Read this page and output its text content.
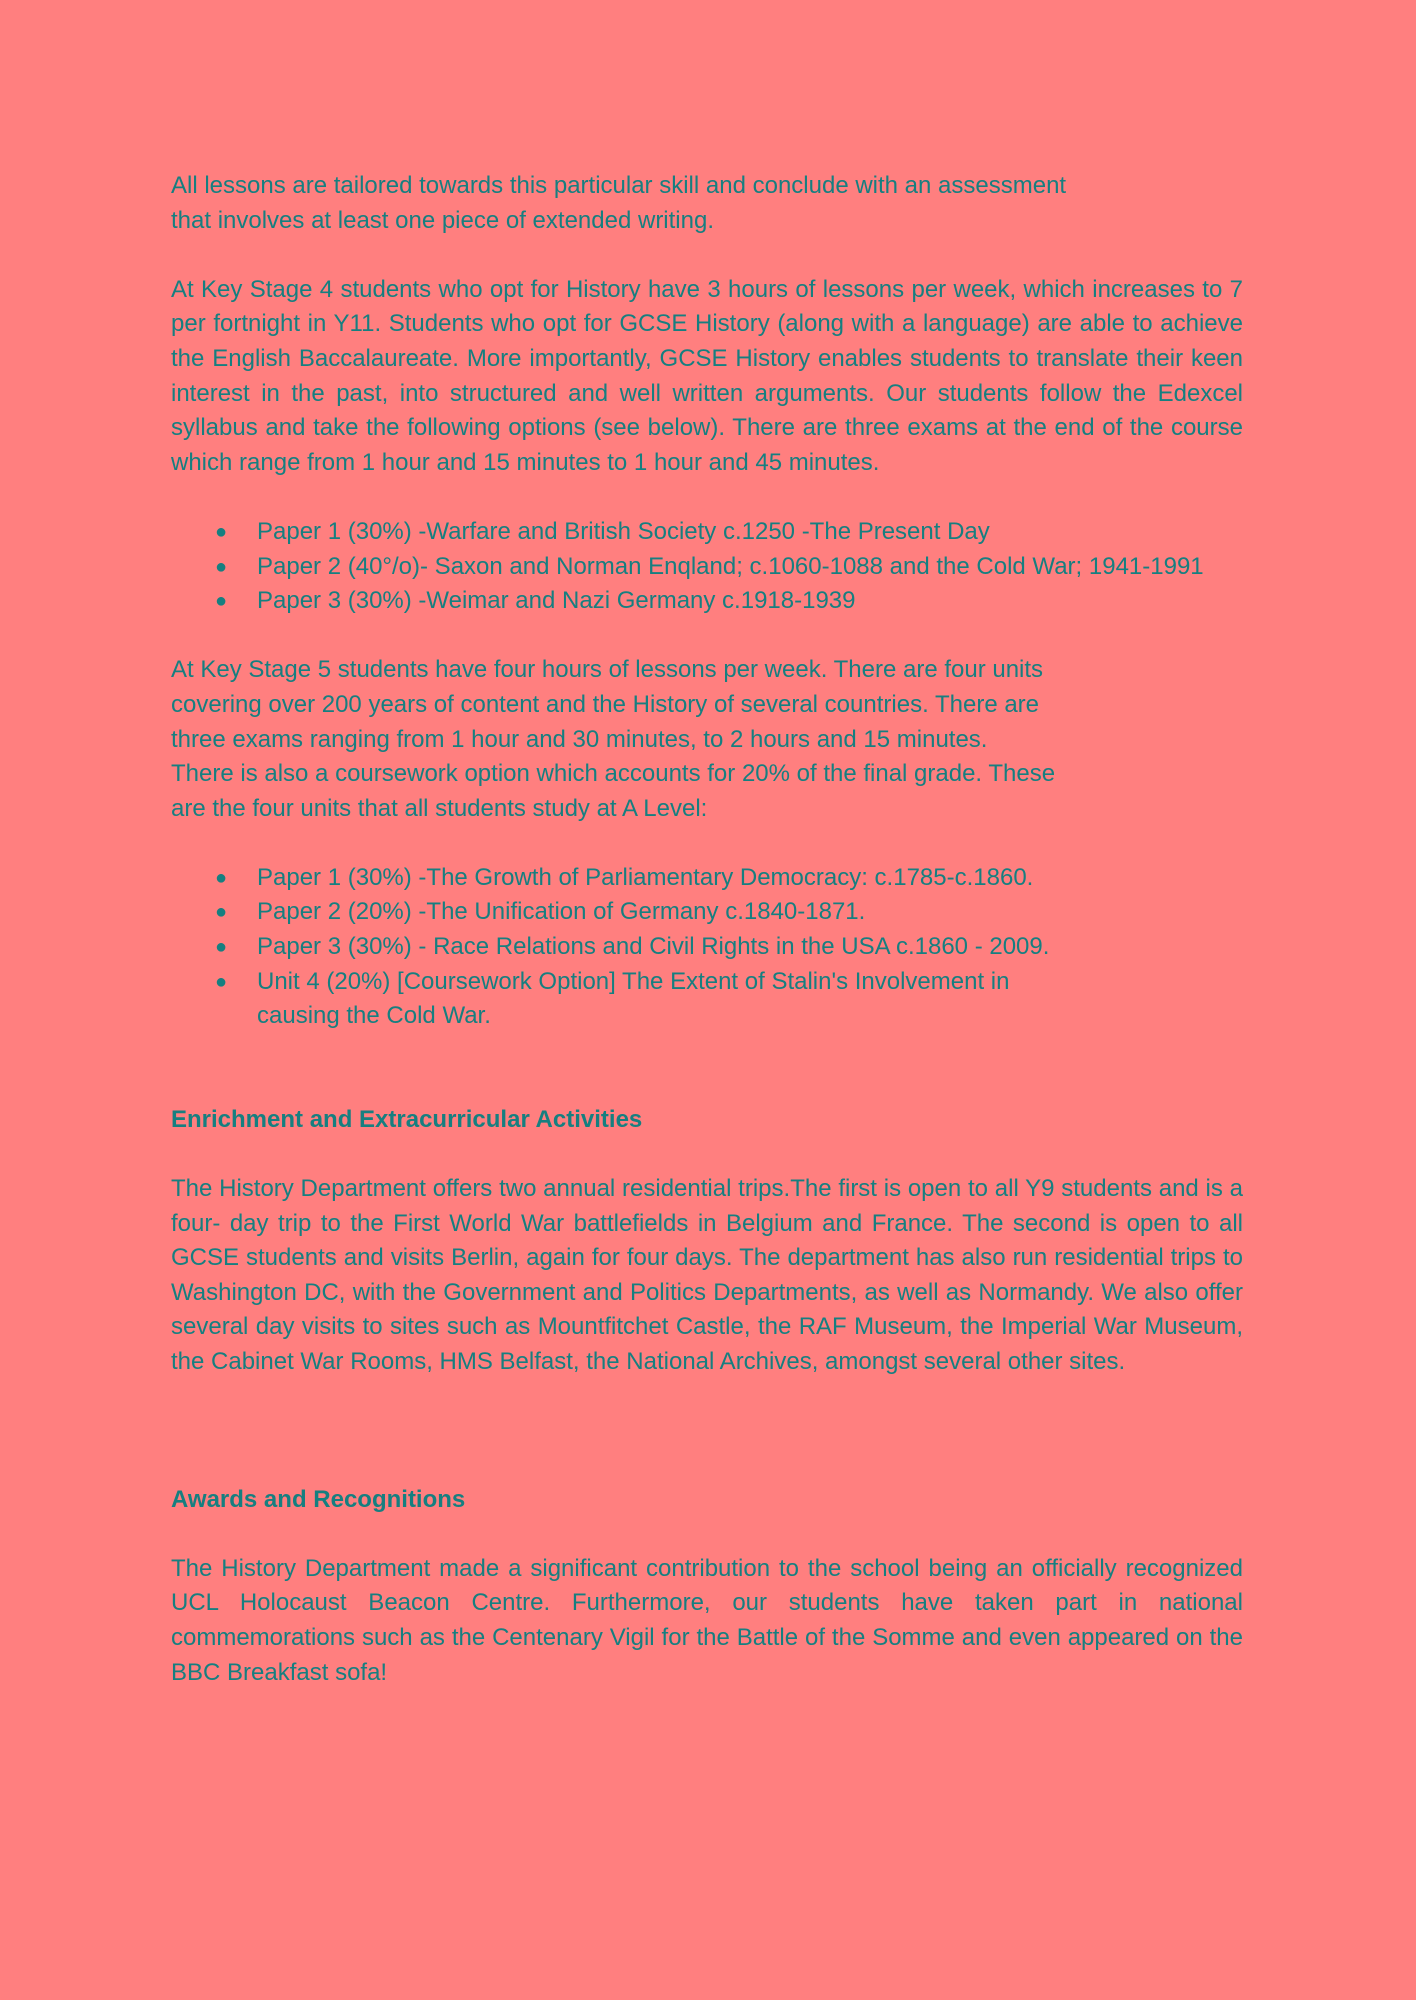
All lessons are tailored towards this particular skill and conclude with an assessment
that involves at least one piece of extended writing.

At Key Stage 4 students who opt for History have 3 hours of lessons per week, which increases to 7 per fortnight in Y11. Students who opt for GCSE History (along with a language) are able to achieve the English Baccalaureate. More importantly, GCSE History enables students to translate their keen interest in the past, into structured and well written arguments. Our students follow the Edexcel syllabus and take the following options (see below). There are three exams at the end of the course which range from 1 hour and 15 minutes to 1 hour and 45 minutes.

● Paper 1 (30%) -Warfare and British Society c.1250 -The Present Day
● Paper 2 (40°/o)- Saxon and Norman Enqland; c.1060-1088 and the Cold War; 1941-1991
● Paper 3 (30%) -Weimar and Nazi Germany c.1918-1939

At Key Stage 5 students have four hours of lessons per week. There are four units
covering over 200 years of content and the History of several countries. There are
three exams ranging from 1 hour and 30 minutes, to 2 hours and 15 minutes.
There is also a coursework option which accounts for 20% of the final grade. These
are the four units that all students study at A Level:

● Paper 1 (30%) -The Growth of Parliamentary Democracy: c.1785-c.1860.
● Paper 2 (20%) -The Unification of Germany c.1840-1871.
● Paper 3 (30%) - Race Relations and Civil Rights in the USA c.1860 - 2009.
● Unit 4 (20%) [Coursework Option] The Extent of Stalin's Involvement in causing the Cold War.
Enrichment and Extracurricular Activities

The History Department offers two annual residential trips.The first is open to all Y9 students and is a four- day trip to the First World War battlefields in Belgium and France. The second is open to all GCSE students and visits Berlin, again for four days. The department has also run residential trips to Washington DC, with the Government and Politics Departments, as well as Normandy. We also offer several day visits to sites such as Mountfitchet Castle, the RAF Museum, the Imperial War Museum, the Cabinet War Rooms, HMS Belfast, the National Archives, amongst several other sites.

Awards and Recognitions

The History Department made a significant contribution to the school being an officially recognized UCL Holocaust Beacon Centre. Furthermore, our students have taken part in national commemorations such as the Centenary Vigil for the Battle of the Somme and even appeared on the BBC Breakfast sofa!
